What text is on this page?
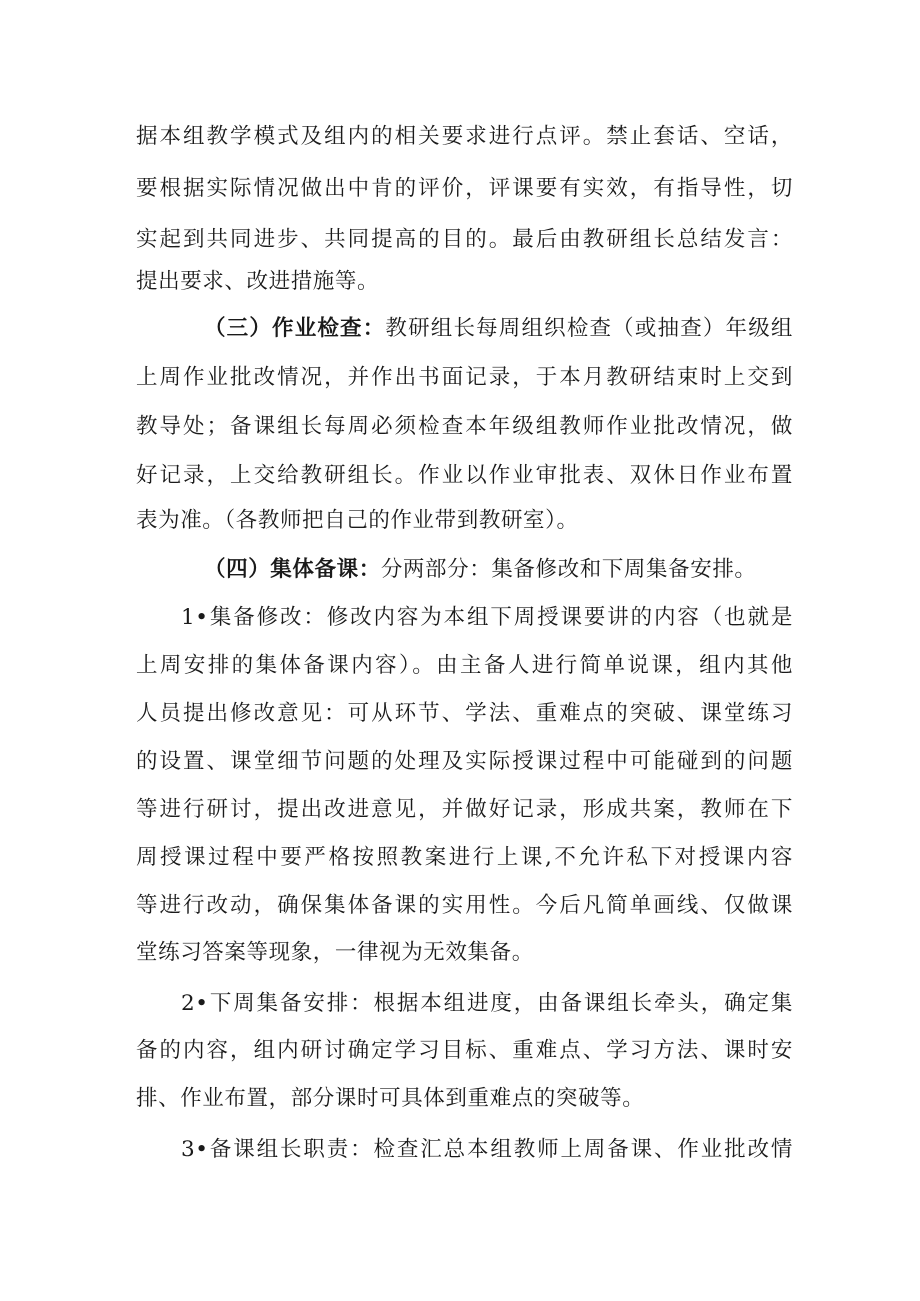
据本组教学模式及组内的相关要求进行点评。禁止套话、空话，
要根据实际情况做出中肯的评价，评课要有实效，有指导性，切
实起到共同进步、共同提高的目的。最后由教研组长总结发言：
提出要求、改进措施等。
（三）作业检查：教研组长每周组织检查（或抽查）年级组
上周作业批改情况，并作出书面记录，于本月教研结束时上交到
教导处；备课组长每周必须检查本年级组教师作业批改情况，做
好记录，上交给教研组长。作业以作业审批表、双休日作业布置
表为准。（各教师把自己的作业带到教研室）。
（四）集体备课：分两部分：集备修改和下周集备安排。
1•集备修改：修改内容为本组下周授课要讲的内容（也就是
上周安排的集体备课内容）。由主备人进行简单说课，组内其他
人员提出修改意见：可从环节、学法、重难点的突破、课堂练习
的设置、课堂细节问题的处理及实际授课过程中可能碰到的问题
等进行研讨，提出改进意见，并做好记录，形成共案，教师在下
周授课过程中要严格按照教案进行上课,不允许私下对授课内容
等进行改动，确保集体备课的实用性。今后凡简单画线、仅做课
堂练习答案等现象，一律视为无效集备。
2•下周集备安排：根据本组进度，由备课组长牵头，确定集
备的内容，组内研讨确定学习目标、重难点、学习方法、课时安
排、作业布置，部分课时可具体到重难点的突破等。
3•备课组长职责：检查汇总本组教师上周备课、作业批改情
